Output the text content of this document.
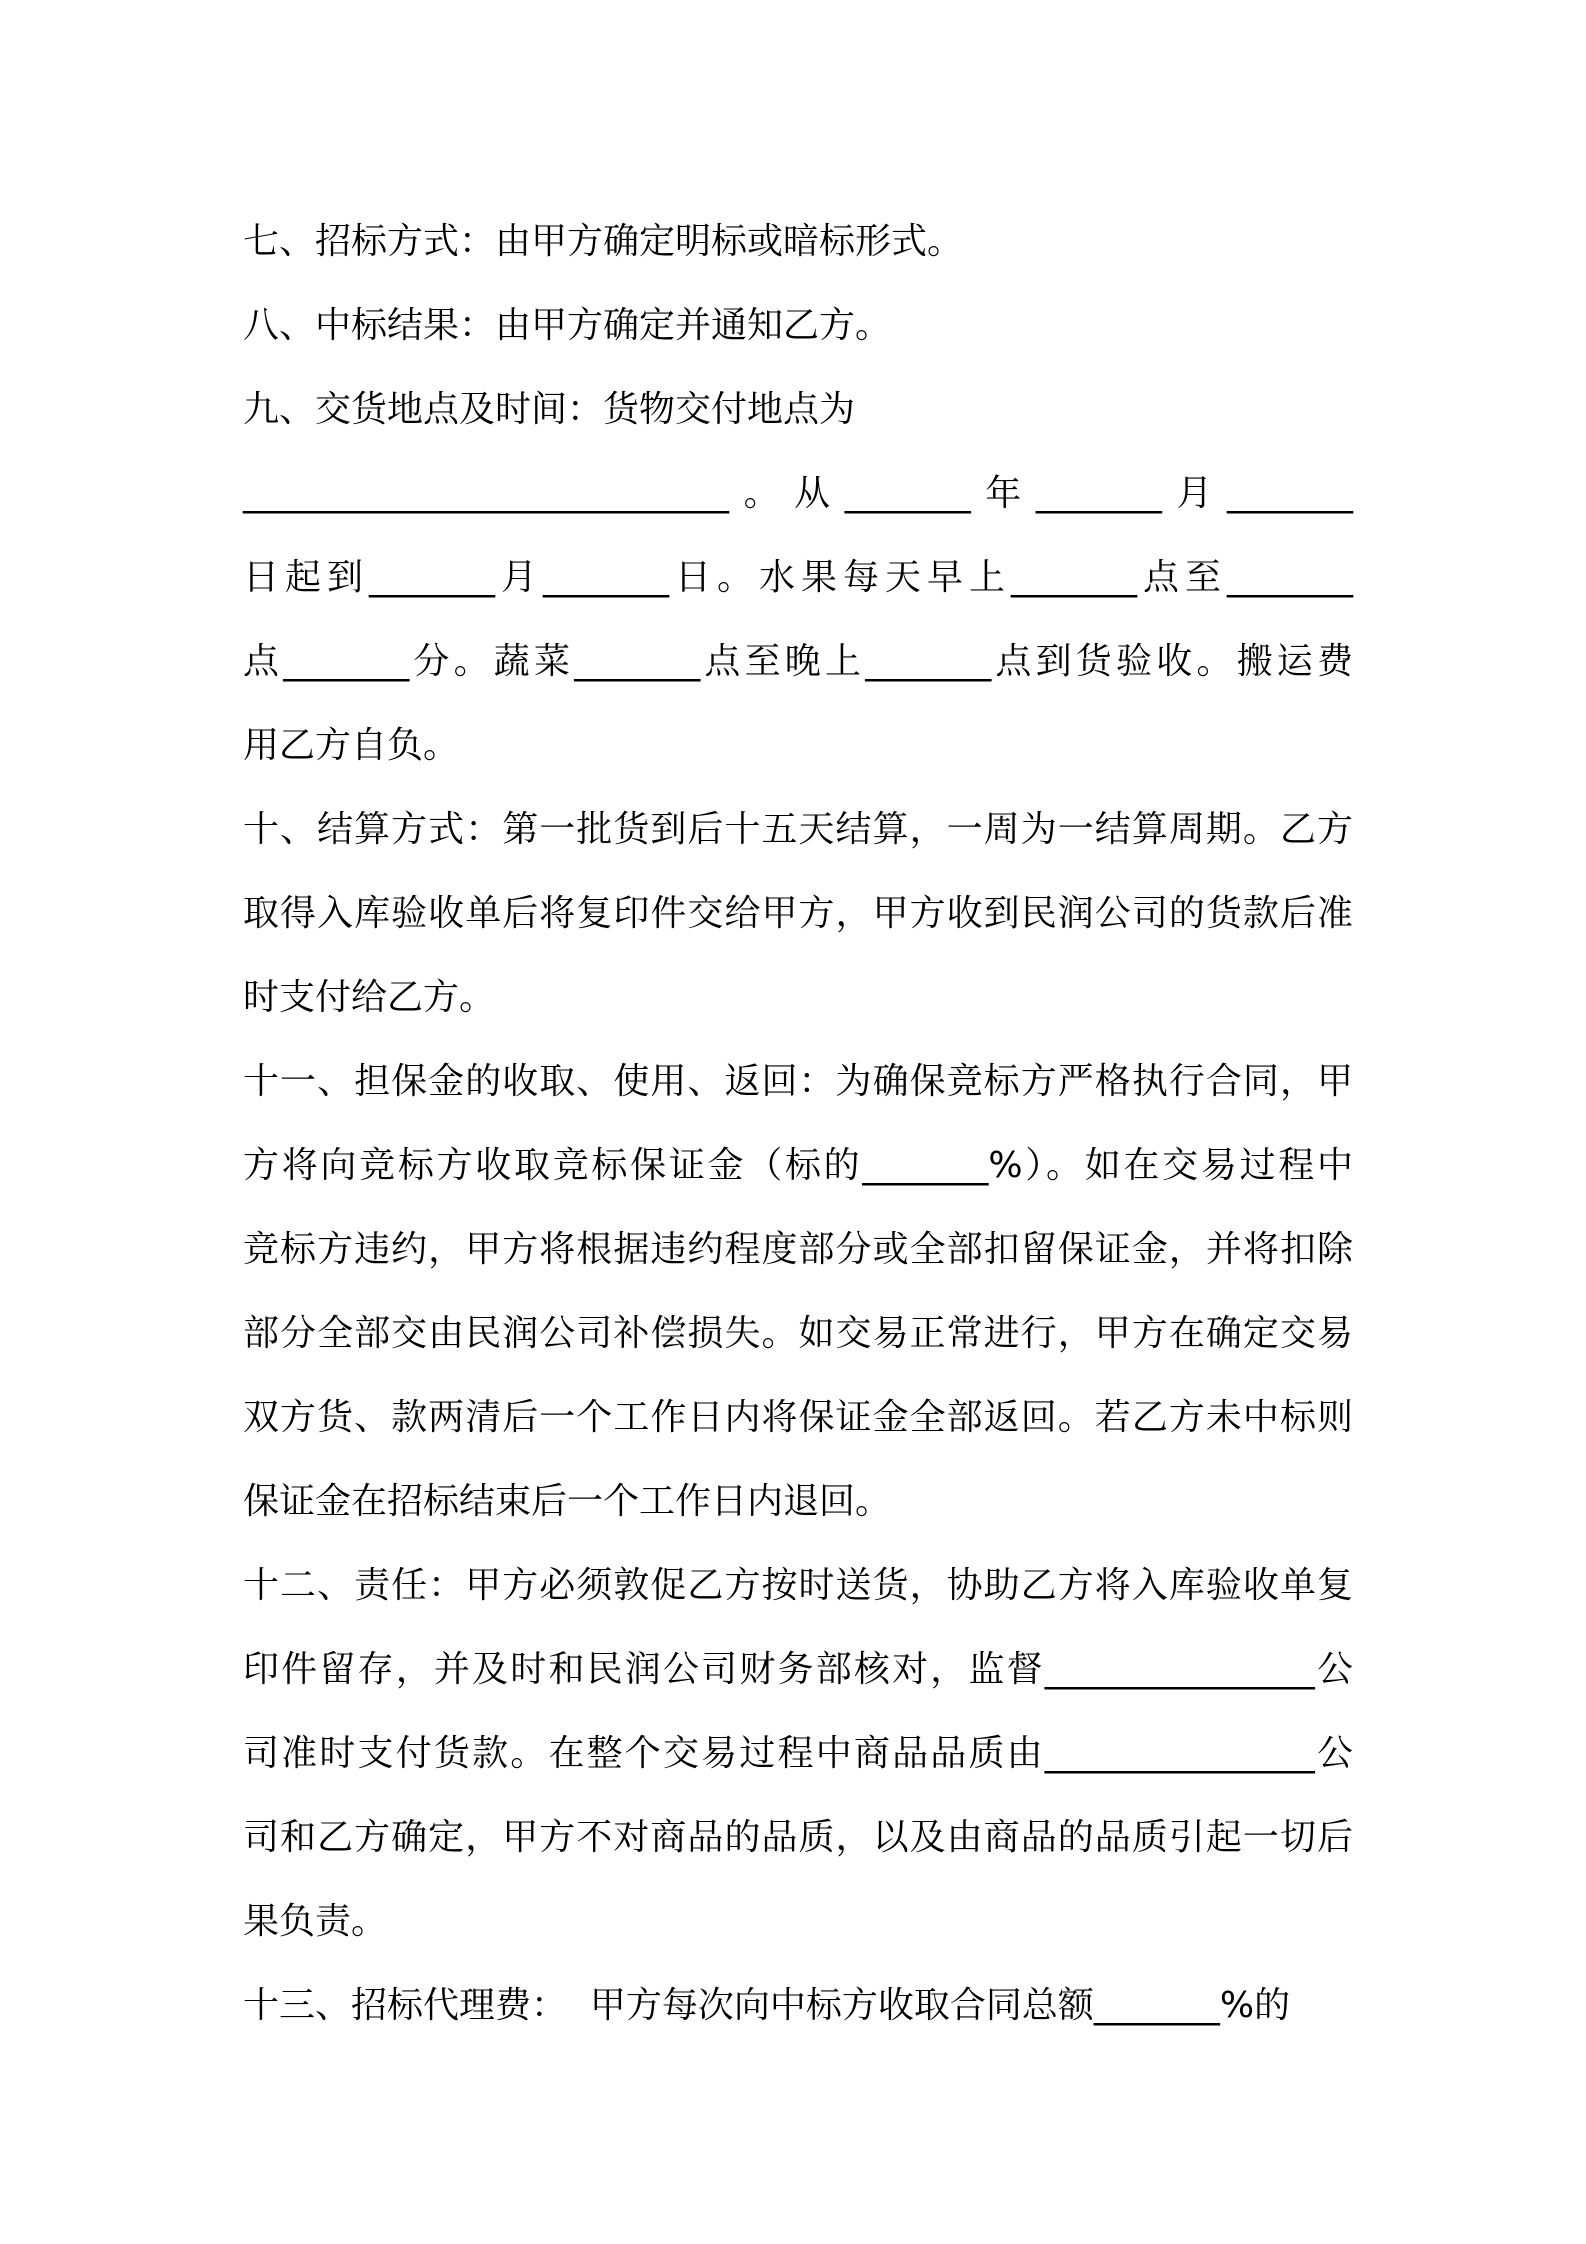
七、招标方式：由甲方确定明标或暗标形式。
八、中标结果：由甲方确定并通知乙方。
九、交货地点及时间：货物交付地点为
___________________________。从_______年_______月_______
日起到_______月_______日。水果每天早上_______点至_______
点_______分。蔬菜_______点至晚上_______点到货验收。搬运费
用乙方自负。
十、结算方式：第一批货到后十五天结算，一周为一结算周期。乙方
取得入库验收单后将复印件交给甲方，甲方收到民润公司的货款后准
时支付给乙方。
十一、担保金的收取、使用、返回：为确保竞标方严格执行合同，甲
方将向竞标方收取竞标保证金（标的_______%）。如在交易过程中
竞标方违约，甲方将根据违约程度部分或全部扣留保证金，并将扣除
部分全部交由民润公司补偿损失。如交易正常进行，甲方在确定交易
双方货、款两清后一个工作日内将保证金全部返回。若乙方未中标则
保证金在招标结束后一个工作日内退回。
十二、责任：甲方必须敦促乙方按时送货，协助乙方将入库验收单复
印件留存，并及时和民润公司财务部核对，监督_______________公
司准时支付货款。在整个交易过程中商品品质由_______________公
司和乙方确定，甲方不对商品的品质，以及由商品的品质引起一切后
果负责。
十三、招标代理费：  甲方每次向中标方收取合同总额_______%的
